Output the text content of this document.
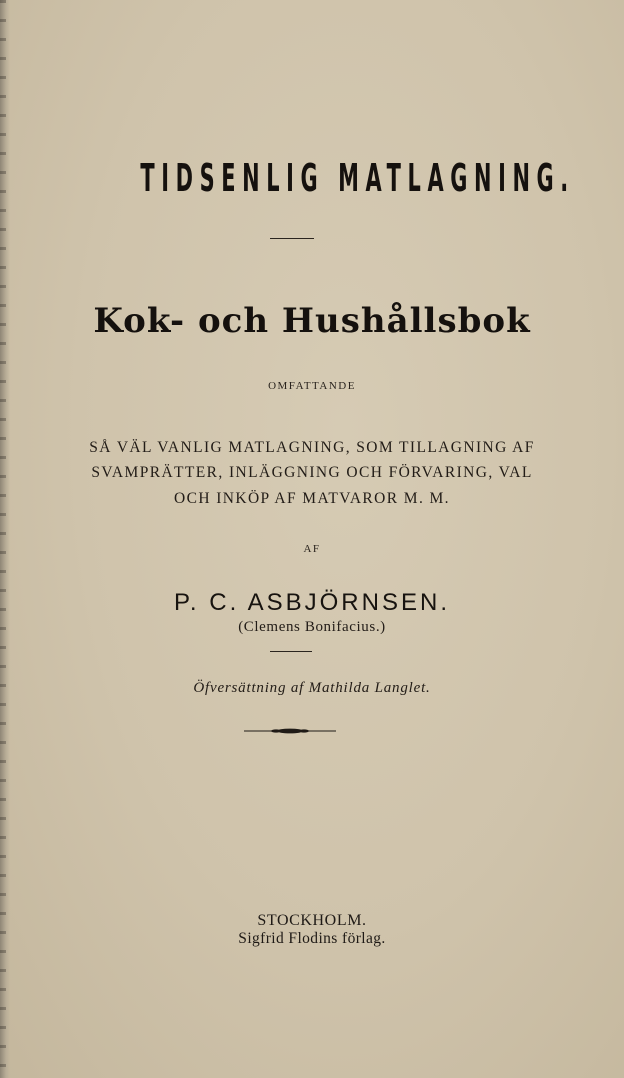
TIDSENLIG MATLAGNING.
Kok- och Hushållsbok
OMFATTANDE
SÅ VÄL VANLIG MATLAGNING, SOM TILLAGNING AF
SVAMPRÄTTER, INLÄGGNING OCH FÖRVARING, VAL
OCH INKÖP AF MATVAROR M. M.
AF
P. C. ASBJÖRNSEN.
(Clemens Bonifacius.)
Öfversättning af Mathilda Langlet.
STOCKHOLM.
Sigfrid Flodins förlag.
